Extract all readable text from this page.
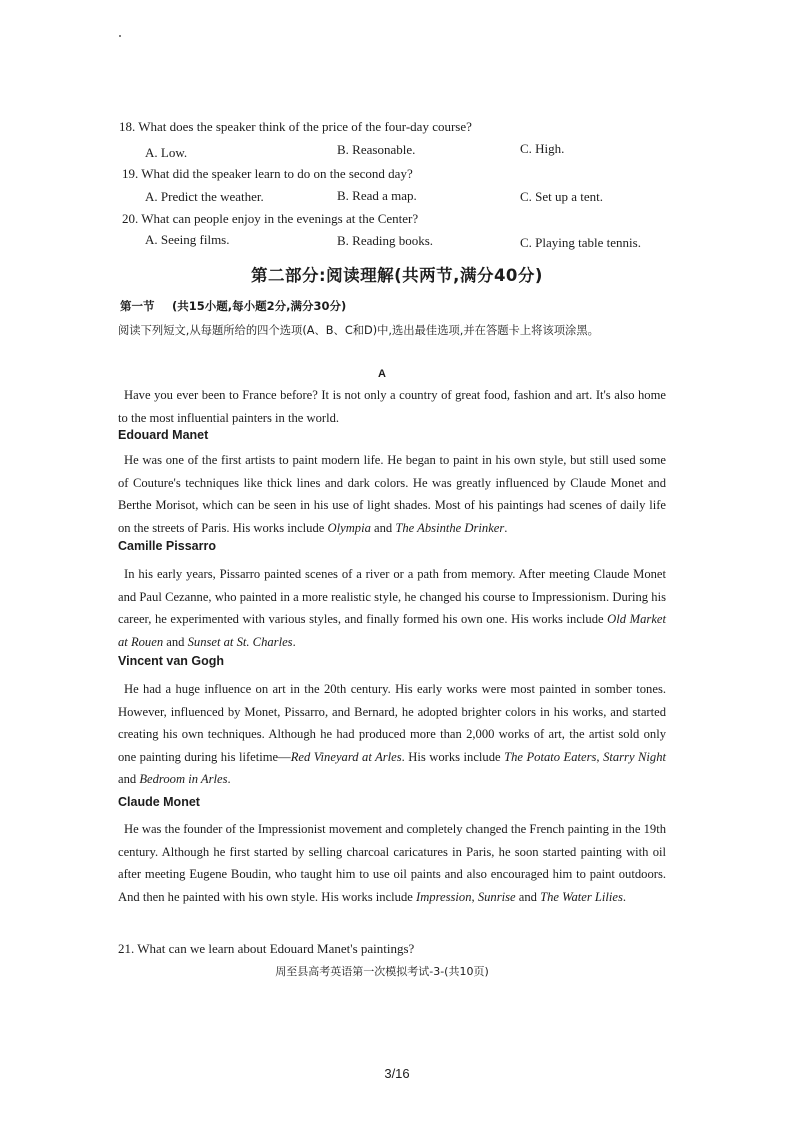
18. What does the speaker think of the price of the four-day course?
A. Low.	B. Reasonable.	C. High.
19. What did the speaker learn to do on the second day?
A. Predict the weather.	B. Read a map.	C. Set up a tent.
20. What can people enjoy in the evenings at the Center?
A. Seeing films.	B. Reading books.	C. Playing table tennis.
第二部分:阅读理解(共两节,满分40分)
第一节 (共15小题,每小题2分,满分30分)
阅读下列短文,从每题所给的四个选项(A、B、C和D)中,选出最佳选项,并在答题卡上将该项涂黑。
A
Have you ever been to France before? It is not only a country of great food, fashion and art. It's also home to the most influential painters in the world.
Edouard Manet
He was one of the first artists to paint modern life. He began to paint in his own style, but still used some of Couture's techniques like thick lines and dark colors. He was greatly influenced by Claude Monet and Berthe Morisot, which can be seen in his use of light shades. Most of his paintings had scenes of daily life on the streets of Paris. His works include Olympia and The Absinthe Drinker.
Camille Pissarro
In his early years, Pissarro painted scenes of a river or a path from memory. After meeting Claude Monet and Paul Cezanne, who painted in a more realistic style, he changed his course to Impressionism. During his career, he experimented with various styles, and finally formed his own one. His works include Old Market at Rouen and Sunset at St. Charles.
Vincent van Gogh
He had a huge influence on art in the 20th century. His early works were most painted in somber tones. However, influenced by Monet, Pissarro, and Bernard, he adopted brighter colors in his works, and started creating his own techniques. Although he had produced more than 2,000 works of art, the artist sold only one painting during his lifetime—Red Vineyard at Arles. His works include The Potato Eaters, Starry Night and Bedroom in Arles.
Claude Monet
He was the founder of the Impressionist movement and completely changed the French painting in the 19th century. Although he first started by selling charcoal caricatures in Paris, he soon started painting with oil after meeting Eugene Boudin, who taught him to use oil paints and also encouraged him to paint outdoors. And then he painted with his own style. His works include Impression, Sunrise and The Water Lilies.
21. What can we learn about Edouard Manet's paintings?
周至县高考英语第一次模拟考试-3-(共10页)
3/16
